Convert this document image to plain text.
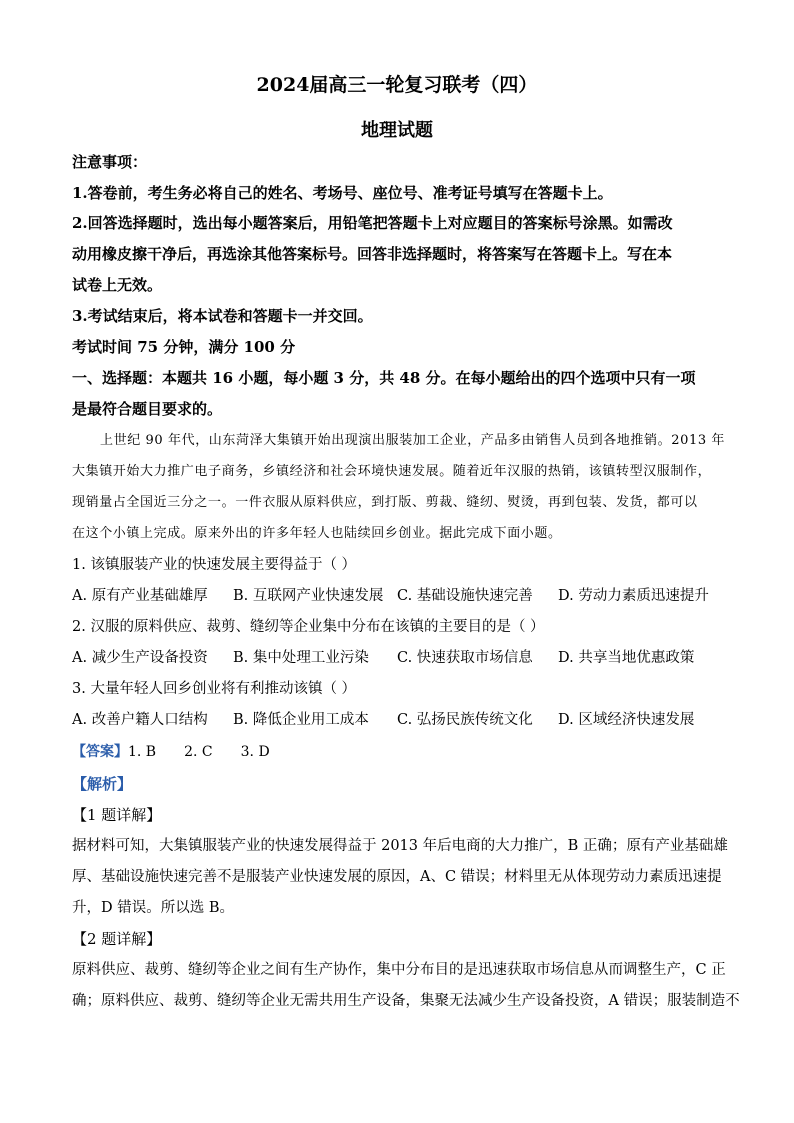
2024届高三一轮复习联考（四）
地理试题

注意事项：

1.答卷前，考生务必将自己的姓名、考场号、座位号、准考证号填写在答题卡上。

2.回答选择题时，选出每小题答案后，用铅笔把答题卡上对应题目的答案标号涂黑。如需改

动用橡皮擦干净后，再选涂其他答案标号。回答非选择题时，将答案写在答题卡上。写在本

试卷上无效。

3.考试结束后，将本试卷和答题卡一并交回。

考试时间 75 分钟，满分 100 分

一、选择题：本题共 16 小题，每小题 3 分，共 48 分。在每小题给出的四个选项中只有一项

是最符合题目要求的。

上世纪 90 年代，山东菏泽大集镇开始出现演出服装加工企业，产品多由销售人员到各地推销。2013 年

大集镇开始大力推广电子商务，乡镇经济和社会环境快速发展。随着近年汉服的热销，该镇转型汉服制作，

现销量占全国近三分之一。一件衣服从原料供应，到打版、剪裁、缝纫、熨烫，再到包装、发货，都可以

在这个小镇上完成。原来外出的许多年轻人也陆续回乡创业。据此完成下面小题。

1. 该镇服装产业的快速发展主要得益于（ ）

A. 原有产业基础雄厚 B. 互联网产业快速发展 C. 基础设施快速完善 D. 劳动力素质迅速提升

2. 汉服的原料供应、裁剪、缝纫等企业集中分布在该镇的主要目的是（ ）

A. 减少生产设备投资 B. 集中处理工业污染 C. 快速获取市场信息 D. 共享当地优惠政策

3. 大量年轻人回乡创业将有利推动该镇（ ）

A. 改善户籍人口结构 B. 降低企业用工成本 C. 弘扬民族传统文化 D. 区域经济快速发展

【答案】1. B 2. C 3. D

【解析】

【1 题详解】

据材料可知，大集镇服装产业的快速发展得益于 2013 年后电商的大力推广，B 正确；原有产业基础雄

厚、基础设施快速完善不是服装产业快速发展的原因，A、C 错误；材料里无从体现劳动力素质迅速提

升，D 错误。所以选 B。

【2 题详解】

原料供应、裁剪、缝纫等企业之间有生产协作，集中分布目的是迅速获取市场信息从而调整生产，C 正

确；原料供应、裁剪、缝纫等企业无需共用生产设备，集聚无法减少生产设备投资，A 错误；服装制造不
